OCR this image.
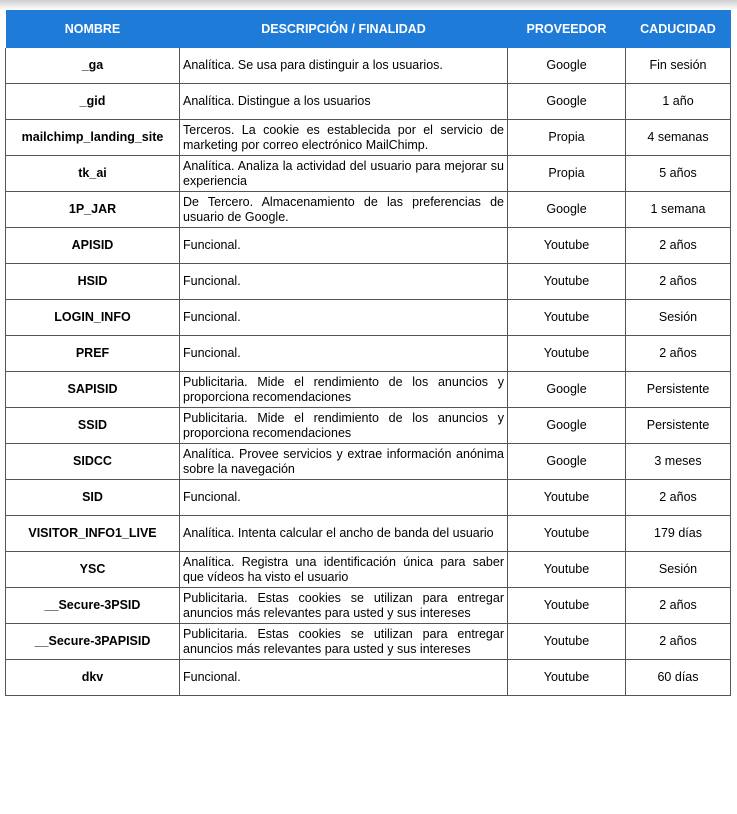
NOMBRE	DESCRIPCIÓN / FINALIDAD	PROVEEDOR	CADUCIDAD
_ga	Analítica. Se usa para distinguir a los usuarios.	Google	Fin sesión
_gid	Analítica. Distingue a los usuarios	Google	1 año
mailchimp_landing_site	Terceros. La cookie es establecida por el servicio de marketing por correo electrónico MailChimp.	Propia	4 semanas
tk_ai	Analítica. Analiza la actividad del usuario para mejorar su experiencia	Propia	5 años
1P_JAR	De Tercero. Almacenamiento de las preferencias de usuario de Google.	Google	1 semana
APISID	Funcional.	Youtube	2 años
HSID	Funcional.	Youtube	2 años
LOGIN_INFO	Funcional.	Youtube	Sesión
PREF	Funcional.	Youtube	2 años
SAPISID	Publicitaria. Mide el rendimiento de los anuncios y proporciona recomendaciones	Google	Persistente
SSID	Publicitaria. Mide el rendimiento de los anuncios y proporciona recomendaciones	Google	Persistente
SIDCC	Analítica. Provee servicios y extrae información anónima sobre la navegación	Google	3 meses
SID	Funcional.	Youtube	2 años
VISITOR_INFO1_LIVE	Analítica. Intenta calcular el ancho de banda del usuario	Youtube	179 días
YSC	Analítica. Registra una identificación única para saber que vídeos ha visto el usuario	Youtube	Sesión
__Secure-3PSID	Publicitaria. Estas cookies se utilizan para entregar anuncios más relevantes para usted y sus intereses	Youtube	2 años
__Secure-3PAPISID	Publicitaria. Estas cookies se utilizan para entregar anuncios más relevantes para usted y sus intereses	Youtube	2 años
dkv	Funcional.	Youtube	60 días
